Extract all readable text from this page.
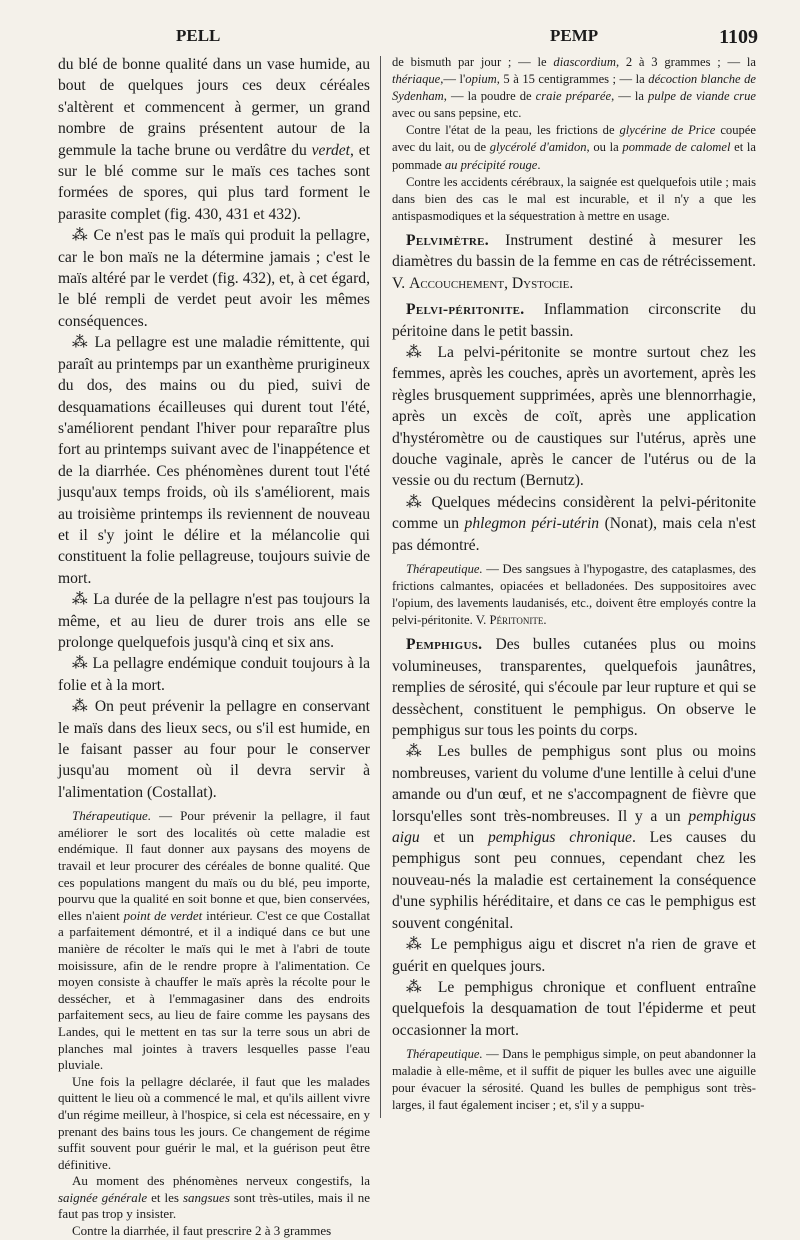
PELL	PEMP	1109

du blé de bonne qualité dans un vase humide, au bout de quelques jours ces deux céréales s'altèrent et commencent à germer, un grand nombre de grains présentent autour de la gemmule la tache brune ou verdâtre du verdet, et sur le blé comme sur le maïs ces taches sont formées de spores, qui plus tard forment le parasite complet (fig. 430, 431 et 432).

⁂ Ce n'est pas le maïs qui produit la pellagre, car le bon maïs ne la détermine jamais ; c'est le maïs altéré par le verdet (fig. 432), et, à cet égard, le blé rempli de verdet peut avoir les mêmes conséquences.

⁂ La pellagre est une maladie rémittente, qui paraît au printemps par un exanthème prurigineux du dos, des mains ou du pied, suivi de desquamations écailleuses qui durent tout l'été, s'améliorent pendant l'hiver pour reparaître plus fort au printemps suivant avec de l'inappétence et de la diarrhée. Ces phénomènes durent tout l'été jusqu'aux temps froids, où ils s'améliorent, mais au troisième printemps ils reviennent de nouveau et il s'y joint le délire et la mélancolie qui constituent la folie pellagreuse, toujours suivie de mort.

⁂ La durée de la pellagre n'est pas toujours la même, et au lieu de durer trois ans elle se prolonge quelquefois jusqu'à cinq et six ans.

⁂ La pellagre endémique conduit toujours à la folie et à la mort.

⁂ On peut prévenir la pellagre en conservant le maïs dans des lieux secs, ou s'il est humide, en le faisant passer au four pour le conserver jusqu'au moment où il devra servir à l'alimentation (Costallat).

Thérapeutique. — Pour prévenir la pellagre, il faut améliorer le sort des localités où cette maladie est endémique. Il faut donner aux paysans des moyens de travail et leur procurer des céréales de bonne qualité. Que ces populations mangent du maïs ou du blé, peu importe, pourvu que la qualité en soit bonne et que, bien conservées, elles n'aient point de verdet intérieur. C'est ce que Costallat a parfaitement démontré, et il a indiqué dans ce but une manière de récolter le maïs qui le met à l'abri de toute moisissure, afin de le rendre propre à l'alimentation. Ce moyen consiste à chauffer le maïs après la récolte pour le dessécher, et à l'emmagasiner dans des endroits parfaitement secs, au lieu de faire comme les paysans des Landes, qui le mettent en tas sur la terre sous un abri de planches mal jointes à travers lesquelles passe l'eau pluviale.

Une fois la pellagre déclarée, il faut que les malades quittent le lieu où a commencé le mal, et qu'ils aillent vivre d'un régime meilleur, à l'hospice, si cela est nécessaire, en y prenant des bains tous les jours. Ce changement de régime suffit souvent pour guérir le mal, et la guérison peut être définitive.

Au moment des phénomènes nerveux congestifs, la saignée générale et les sangsues sont très-utiles, mais il ne faut pas trop y insister.

Contre la diarrhée, il faut prescrire 2 à 3 grammes

de bismuth par jour ; — le diascordium, 2 à 3 grammes ; — la thériaque,— l'opium, 5 à 15 centigrammes ; — la décoction blanche de Sydenham, — la poudre de craie préparée, — la pulpe de viande crue avec ou sans pepsine, etc.

Contre l'état de la peau, les frictions de glycérine de Price coupée avec du lait, ou de glycérolé d'amidon, ou la pommade de calomel et la pommade au précipité rouge.

Contre les accidents cérébraux, la saignée est quelquefois utile ; mais dans bien des cas le mal est incurable, et il n'y a que les antispasmodiques et la séquestration à mettre en usage.

Pelvimètre. Instrument destiné à mesurer les diamètres du bassin de la femme en cas de rétrécissement. V. Accouchement, Dystocie.

Pelvi-péritonite. Inflammation circonscrite du péritoine dans le petit bassin.

⁂ La pelvi-péritonite se montre surtout chez les femmes, après les couches, après un avortement, après les règles brusquement supprimées, après une blennorrhagie, après un excès de coït, après une application d'hystéromètre ou de caustiques sur l'utérus, après une douche vaginale, après le cancer de l'utérus ou de la vessie ou du rectum (Bernutz).

⁂ Quelques médecins considèrent la pelvi-péritonite comme un phlegmon péri-utérin (Nonat), mais cela n'est pas démontré.

Thérapeutique. — Des sangsues à l'hypogastre, des cataplasmes, des frictions calmantes, opiacées et belladonées. Des suppositoires avec l'opium, des lavements laudanisés, etc., doivent être employés contre la pelvi-péritonite. V. Péritonite.

Pemphigus. Des bulles cutanées plus ou moins volumineuses, transparentes, quelquefois jaunâtres, remplies de sérosité, qui s'écoule par leur rupture et qui se dessèchent, constituent le pemphigus. On observe le pemphigus sur tous les points du corps.

⁂ Les bulles de pemphigus sont plus ou moins nombreuses, varient du volume d'une lentille à celui d'une amande ou d'un œuf, et ne s'accompagnent de fièvre que lorsqu'elles sont très-nombreuses. Il y a un pemphigus aigu et un pemphigus chronique. Les causes du pemphigus sont peu connues, cependant chez les nouveau-nés la maladie est certainement la conséquence d'une syphilis héréditaire, et dans ce cas le pemphigus est souvent congénital.

⁂ Le pemphigus aigu et discret n'a rien de grave et guérit en quelques jours.

⁂ Le pemphigus chronique et confluent entraîne quelquefois la desquamation de tout l'épiderme et peut occasionner la mort.

Thérapeutique. — Dans le pemphigus simple, on peut abandonner la maladie à elle-même, et il suffit de piquer les bulles avec une aiguille pour évacuer la sérosité. Quand les bulles de pemphigus sont très-larges, il faut également inciser ; et, s'il y a suppu-
